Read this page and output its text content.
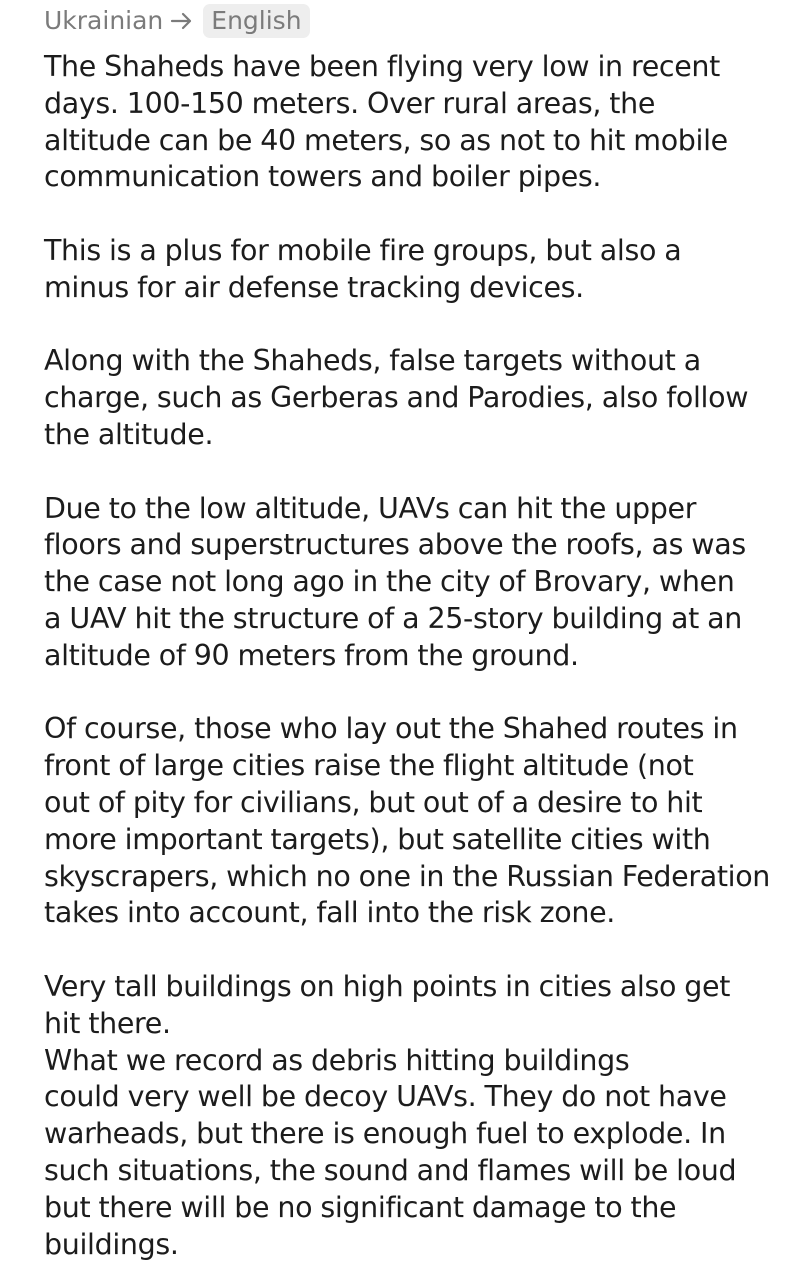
Ukrainian	English

The Shaheds have been flying very low in recent
days. 100-150 meters. Over rural areas, the
altitude can be 40 meters, so as not to hit mobile
communication towers and boiler pipes.

This is a plus for mobile fire groups, but also a
minus for air defense tracking devices.

Along with the Shaheds, false targets without a
charge, such as Gerberas and Parodies, also follow
the altitude.

Due to the low altitude, UAVs can hit the upper
floors and superstructures above the roofs, as was
the case not long ago in the city of Brovary, when
a UAV hit the structure of a 25-story building at an
altitude of 90 meters from the ground.

Of course, those who lay out the Shahed routes in
front of large cities raise the flight altitude (not
out of pity for civilians, but out of a desire to hit
more important targets), but satellite cities with
skyscrapers, which no one in the Russian Federation
takes into account, fall into the risk zone.

Very tall buildings on high points in cities also get
hit there.

What we record as debris hitting buildings
could very well be decoy UAVs. They do not have
warheads, but there is enough fuel to explode. In
such situations, the sound and flames will be loud
but there will be no significant damage to the
buildings.
